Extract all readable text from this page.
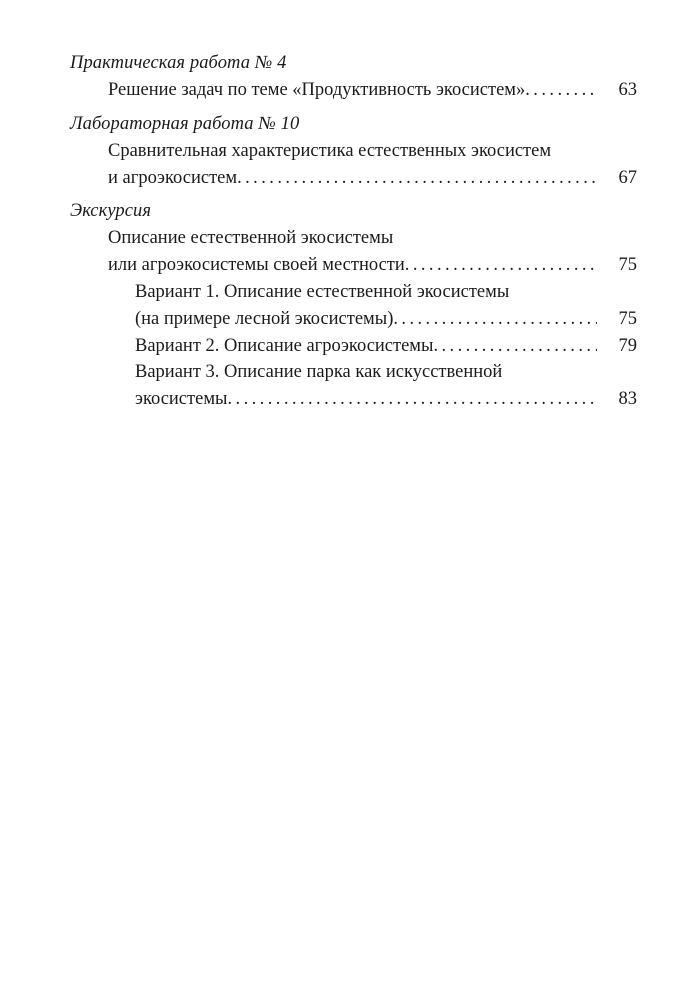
Практическая работа № 4
Решение задач по теме «Продуктивность экосистем» . . .	63
Лабораторная работа № 10
Сравнительная характеристика естественных экосистем
и агроэкосистем . . .	67
Экскурсия
Описание естественной экосистемы
или агроэкосистемы своей местности . . .	75
Вариант 1. Описание естественной экосистемы
(на примере лесной экосистемы) . . .	75
Вариант 2. Описание агроэкосистемы . . .	79
Вариант 3. Описание парка как искусственной
экосистемы . . .	83
